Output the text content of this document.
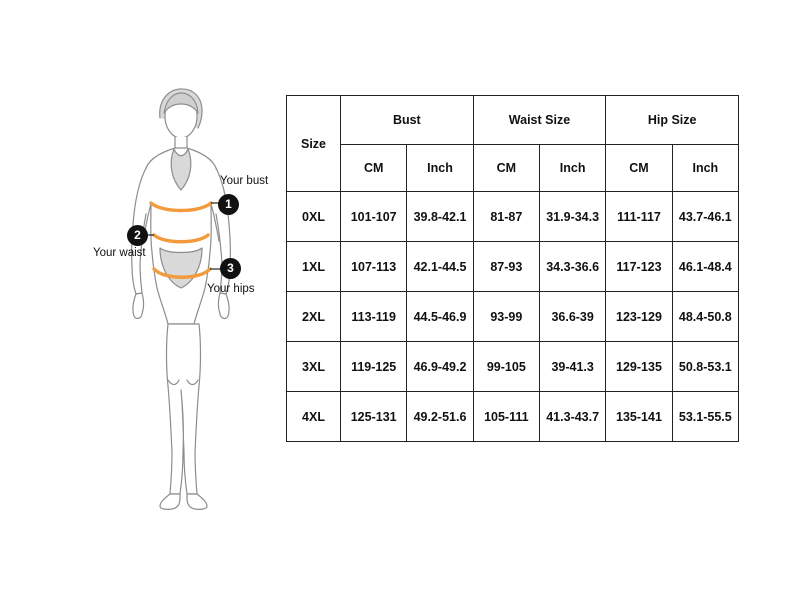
1
Your bust
2
Your waist
3
Your hips
Size	Bust		Waist Size		Hip Size	
	CM	Inch	CM	Inch	CM	Inch
0XL	101-107	39.8-42.1	81-87	31.9-34.3	111-117	43.7-46.1
1XL	107-113	42.1-44.5	87-93	34.3-36.6	117-123	46.1-48.4
2XL	113-119	44.5-46.9	93-99	36.6-39	123-129	48.4-50.8
3XL	119-125	46.9-49.2	99-105	39-41.3	129-135	50.8-53.1
4XL	125-131	49.2-51.6	105-111	41.3-43.7	135-141	53.1-55.5
